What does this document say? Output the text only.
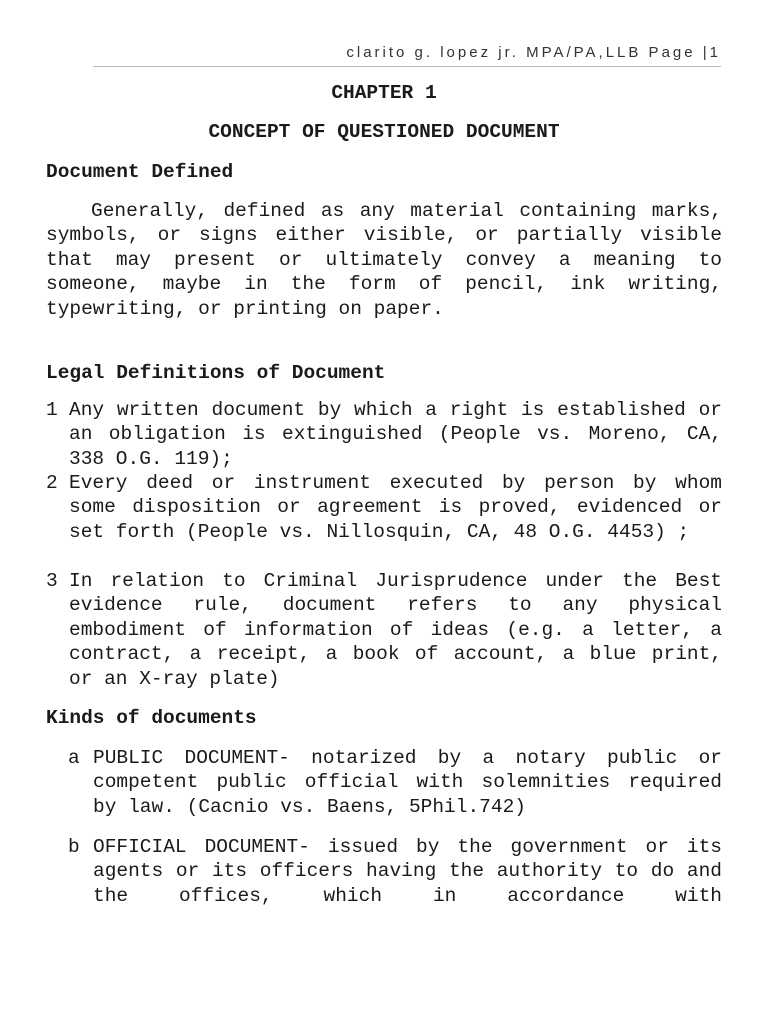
clarito g. lopez jr. MPA/PA,LLB Page |1
CHAPTER 1
CONCEPT OF QUESTIONED DOCUMENT
Document Defined
Generally, defined as any material containing marks, symbols, or signs either visible, or partially visible that may present or ultimately convey a meaning to someone, maybe in the form of pencil, ink writing, typewriting, or printing on paper.
Legal Definitions of Document
1 Any written document by which a right is established or an obligation is extinguished (People vs. Moreno, CA, 338 O.G. 119);
2 Every deed or instrument executed by person by whom some disposition or agreement is proved, evidenced or set forth (People vs. Nillosquin, CA, 48 O.G. 4453) ;
3 In relation to Criminal Jurisprudence under the Best evidence rule, document refers to any physical embodiment of information of ideas (e.g. a letter, a contract, a receipt, a book of account, a blue print, or an X-ray plate)
Kinds of documents
a PUBLIC DOCUMENT- notarized by a notary public or competent public official with solemnities required by law. (Cacnio vs. Baens, 5Phil.742)
b OFFICIAL DOCUMENT- issued by the government or its agents or its officers having the authority to do and the offices, which in accordance with
